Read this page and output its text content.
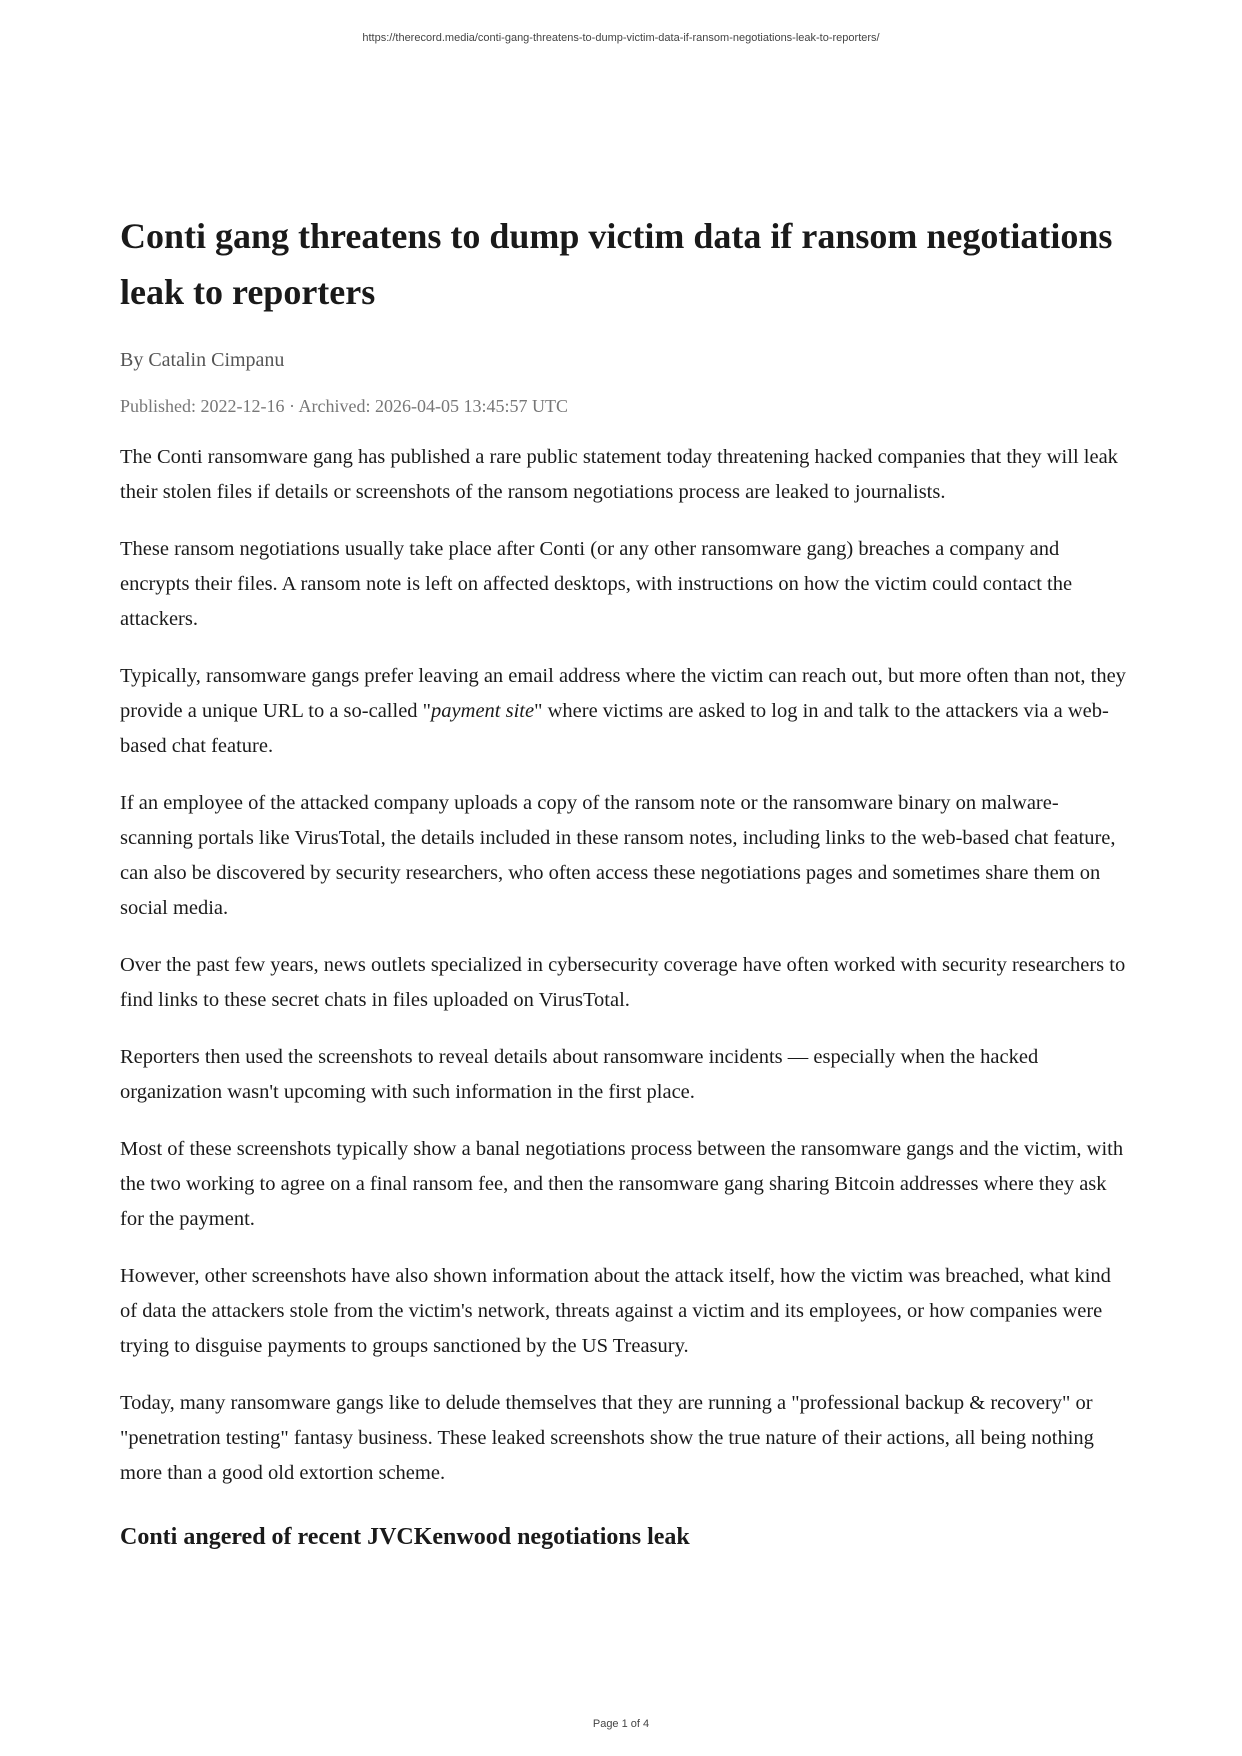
https://therecord.media/conti-gang-threatens-to-dump-victim-data-if-ransom-negotiations-leak-to-reporters/
Conti gang threatens to dump victim data if ransom negotiations leak to reporters
By Catalin Cimpanu
Published: 2022-12-16 · Archived: 2026-04-05 13:45:57 UTC

The Conti ransomware gang has published a rare public statement today threatening hacked companies that they will leak their stolen files if details or screenshots of the ransom negotiations process are leaked to journalists.

These ransom negotiations usually take place after Conti (or any other ransomware gang) breaches a company and encrypts their files. A ransom note is left on affected desktops, with instructions on how the victim could contact the attackers.

Typically, ransomware gangs prefer leaving an email address where the victim can reach out, but more often than not, they provide a unique URL to a so-called "payment site" where victims are asked to log in and talk to the attackers via a web-based chat feature.

If an employee of the attacked company uploads a copy of the ransom note or the ransomware binary on malware-scanning portals like VirusTotal, the details included in these ransom notes, including links to the web-based chat feature, can also be discovered by security researchers, who often access these negotiations pages and sometimes share them on social media.

Over the past few years, news outlets specialized in cybersecurity coverage have often worked with security researchers to find links to these secret chats in files uploaded on VirusTotal.

Reporters then used the screenshots to reveal details about ransomware incidents — especially when the hacked organization wasn't upcoming with such information in the first place.

Most of these screenshots typically show a banal negotiations process between the ransomware gangs and the victim, with the two working to agree on a final ransom fee, and then the ransomware gang sharing Bitcoin addresses where they ask for the payment.

However, other screenshots have also shown information about the attack itself, how the victim was breached, what kind of data the attackers stole from the victim's network, threats against a victim and its employees, or how companies were trying to disguise payments to groups sanctioned by the US Treasury.

Today, many ransomware gangs like to delude themselves that they are running a "professional backup & recovery" or "penetration testing" fantasy business. These leaked screenshots show the true nature of their actions, all being nothing more than a good old extortion scheme.

Conti angered of recent JVCKenwood negotiations leak
Page 1 of 4
